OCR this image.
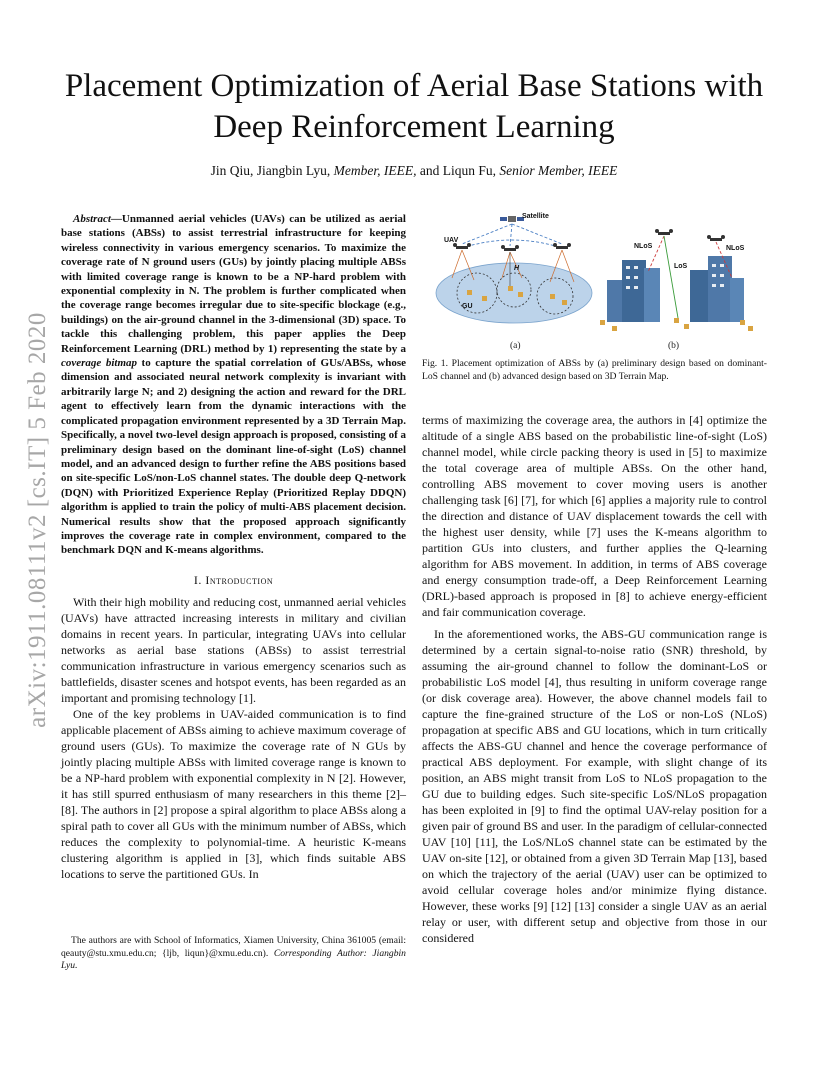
arXiv:1911.08111v2 [cs.IT] 5 Feb 2020
Placement Optimization of Aerial Base Stations with
Deep Reinforcement Learning
Jin Qiu, Jiangbin Lyu, Member, IEEE, and Liqun Fu, Senior Member, IEEE

Abstract—Unmanned aerial vehicles (UAVs) can be utilized as aerial base stations (ABSs) to assist terrestrial infrastructure for keeping wireless connectivity in various emergency scenarios. To maximize the coverage rate of N ground users (GUs) by jointly placing multiple ABSs with limited coverage range is known to be a NP-hard problem with exponential complexity in N. The problem is further complicated when the coverage range becomes irregular due to site-specific blockage (e.g., buildings) on the air-ground channel in the 3-dimensional (3D) space. To tackle this challenging problem, this paper applies the Deep Reinforcement Learning (DRL) method by 1) representing the state by a coverage bitmap to capture the spatial correlation of GUs/ABSs, whose dimension and associated neural network complexity is invariant with arbitrarily large N; and 2) designing the action and reward for the DRL agent to effectively learn from the dynamic interactions with the complicated propagation environment represented by a 3D Terrain Map. Specifically, a novel two-level design approach is proposed, consisting of a preliminary design based on the dominant line-of-sight (LoS) channel model, and an advanced design to further refine the ABS positions based on site-specific LoS/non-LoS channel states. The double deep Q-network (DQN) with Prioritized Experience Replay (Prioritized Replay DDQN) algorithm is applied to train the policy of multi-ABS placement decision. Numerical results show that the proposed approach significantly improves the coverage rate in complex environment, compared to the benchmark DQN and K-means algorithms.

I. Introduction

With their high mobility and reducing cost, unmanned aerial vehicles (UAVs) have attracted increasing interests in military and civilian domains in recent years. In particular, integrating UAVs into cellular networks as aerial base stations (ABSs) to assist terrestrial communication infrastructure in various emergency scenarios such as battlefields, disaster scenes and hotspot events, has been regarded as an important and promising technology [1].

One of the key problems in UAV-aided communication is to find applicable placement of ABSs aiming to achieve maximum coverage of ground users (GUs). To maximize the coverage rate of N GUs by jointly placing multiple ABSs with limited coverage range is known to be a NP-hard problem with exponential complexity in N [2]. However, it has still spurred enthusiasm of many researchers in this theme [2]–[8]. The authors in [2] propose a spiral algorithm to place ABSs along a spiral path to cover all GUs with the minimum number of ABSs, which reduces the complexity to polynomial-time. A heuristic K-means clustering algorithm is applied in [3], which finds suitable ABS locations to serve the partitioned GUs. In

The authors are with School of Informatics, Xiamen University, China 361005 (email: qeauty@stu.xmu.edu.cn; {ljb, liqun}@xmu.edu.cn). Corresponding Author: Jiangbin Lyu.

Satellite
UAV
H
GU
(a)
NLoS
LoS
NLoS
(b)
Fig. 1. Placement optimization of ABSs by (a) preliminary design based on dominant-LoS channel and (b) advanced design based on 3D Terrain Map.

terms of maximizing the coverage area, the authors in [4] optimize the altitude of a single ABS based on the probabilistic line-of-sight (LoS) channel model, while circle packing theory is used in [5] to maximize the total coverage area of multiple ABSs. On the other hand, controlling ABS movement to cover moving users is another challenging task [6] [7], for which [6] applies a majority rule to control the direction and distance of UAV displacement towards the cell with the highest user density, while [7] uses the K-means algorithm to partition GUs into clusters, and further applies the Q-learning algorithm for ABS movement. In addition, in terms of ABS coverage and energy consumption trade-off, a Deep Reinforcement Learning (DRL)-based approach is proposed in [8] to achieve energy-efficient and fair communication coverage.

In the aforementioned works, the ABS-GU communication range is determined by a certain signal-to-noise ratio (SNR) threshold, by assuming the air-ground channel to follow the dominant-LoS or probabilistic LoS model [4], thus resulting in uniform coverage range (or disk coverage area). However, the above channel models fail to capture the fine-grained structure of the LoS or non-LoS (NLoS) propagation at specific ABS and GU locations, which in turn critically affects the ABS-GU channel and hence the coverage performance of practical ABS deployment. For example, with slight change of its position, an ABS might transit from LoS to NLoS propagation to the GU due to building edges. Such site-specific LoS/NLoS propagation has been exploited in [9] to find the optimal UAV-relay position for a given pair of ground BS and user. In the paradigm of cellular-connected UAV [10] [11], the LoS/NLoS channel state can be estimated by the UAV on-site [12], or obtained from a given 3D Terrain Map [13], based on which the trajectory of the aerial (UAV) user can be optimized to avoid cellular coverage holes and/or minimize flying distance. However, these works [9] [12] [13] consider a single UAV as an aerial relay or user, with different setup and objective from those in our considered
